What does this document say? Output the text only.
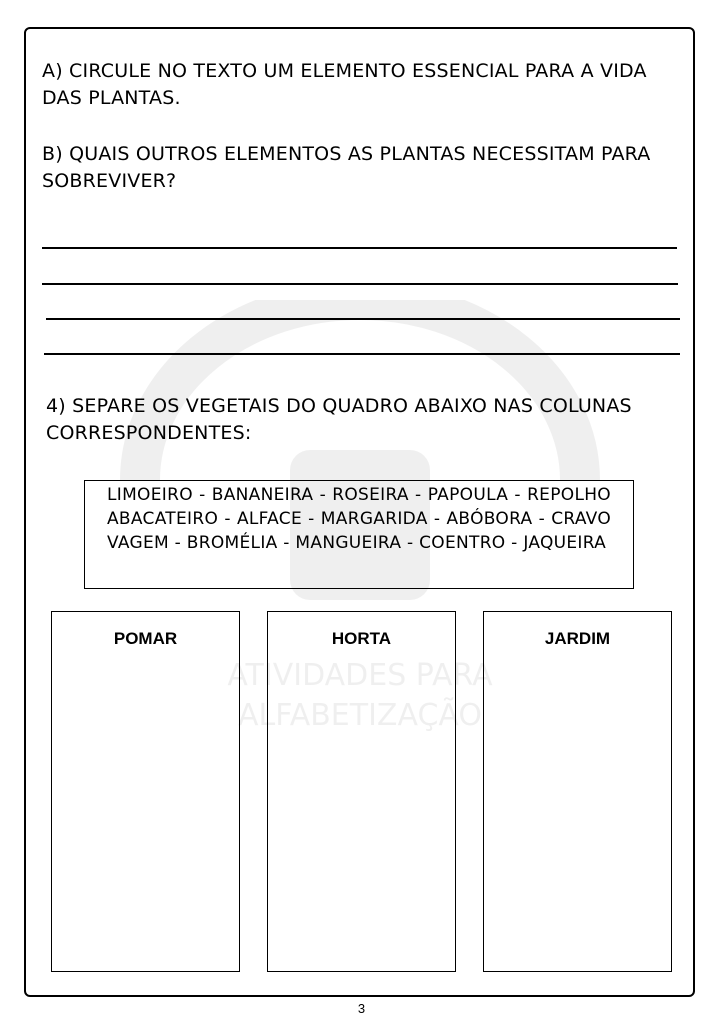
ATIVIDADES PARA
ALFABETIZAÇÃO
A) CIRCULE NO TEXTO UM ELEMENTO ESSENCIAL PARA A VIDA DAS PLANTAS.
B) QUAIS OUTROS ELEMENTOS AS PLANTAS NECESSITAM PARA SOBREVIVER?
4) SEPARE OS VEGETAIS DO QUADRO ABAIXO NAS COLUNAS CORRESPONDENTES:
LIMOEIRO - BANANEIRA - ROSEIRA - PAPOULA - REPOLHO ABACATEIRO - ALFACE - MARGARIDA - ABÓBORA - CRAVO VAGEM - BROMÉLIA - MANGUEIRA - COENTRO - JAQUEIRA
POMAR	HORTA	JARDIM
3
